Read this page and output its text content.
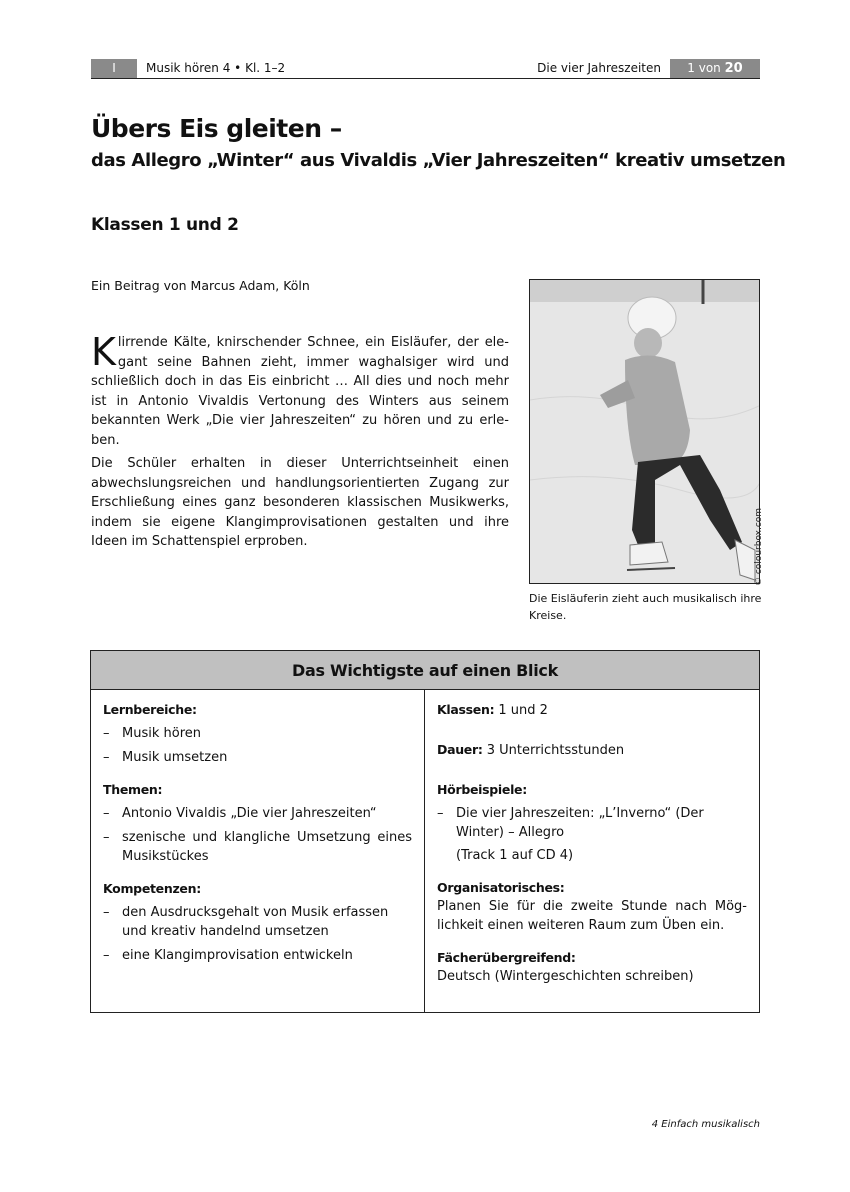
I	Musik hören 4 • Kl. 1–2	Die vier Jahreszeiten	1 von 20
Übers Eis gleiten –
das Allegro „Winter“ aus Vivaldis „Vier Jahreszeiten“ kreativ umsetzen
Klassen 1 und 2
Ein Beitrag von Marcus Adam, Köln

Klirrende Kälte, knirschender Schnee, ein Eisläufer, der elegant seine Bahnen zieht, immer waghalsiger wird und schließlich doch in das Eis einbricht … All dies und noch mehr ist in Antonio Vivaldis Vertonung des Winters aus seinem bekannten Werk „Die vier Jahreszeiten“ zu hören und zu erleben.

Die Schüler erhalten in dieser Unterrichtseinheit einen abwechslungsreichen und handlungsorientierten Zugang zur Erschließung eines ganz besonderen klassischen Musikwerks, indem sie eigene Klangimprovisationen gestalten und ihre Ideen im Schattenspiel erproben.	© colourbox.com
Die Eisläuferin zieht auch musikalisch ihre Kreise.
Das Wichtigste auf einen Blick
Lernbereiche:
– Musik hören
– Musik umsetzen
Themen:
– Antonio Vivaldis „Die vier Jahreszeiten“
– szenische und klangliche Umsetzung eines Musikstückes
Kompetenzen:
– den Ausdrucksgehalt von Musik erfassen und kreativ handelnd umsetzen
– eine Klangimprovisation entwickeln
Klassen: 1 und 2
Dauer: 3 Unterrichtsstunden
Hörbeispiele:
– Die vier Jahreszeiten: „L’Inverno“ (Der Winter) – Allegro
(Track 1 auf CD 4)
Organisatorisches:
Planen Sie für die zweite Stunde nach Möglichkeit einen weiteren Raum zum Üben ein.
Fächerübergreifend:
Deutsch (Wintergeschichten schreiben)
4 Einfach musikalisch
